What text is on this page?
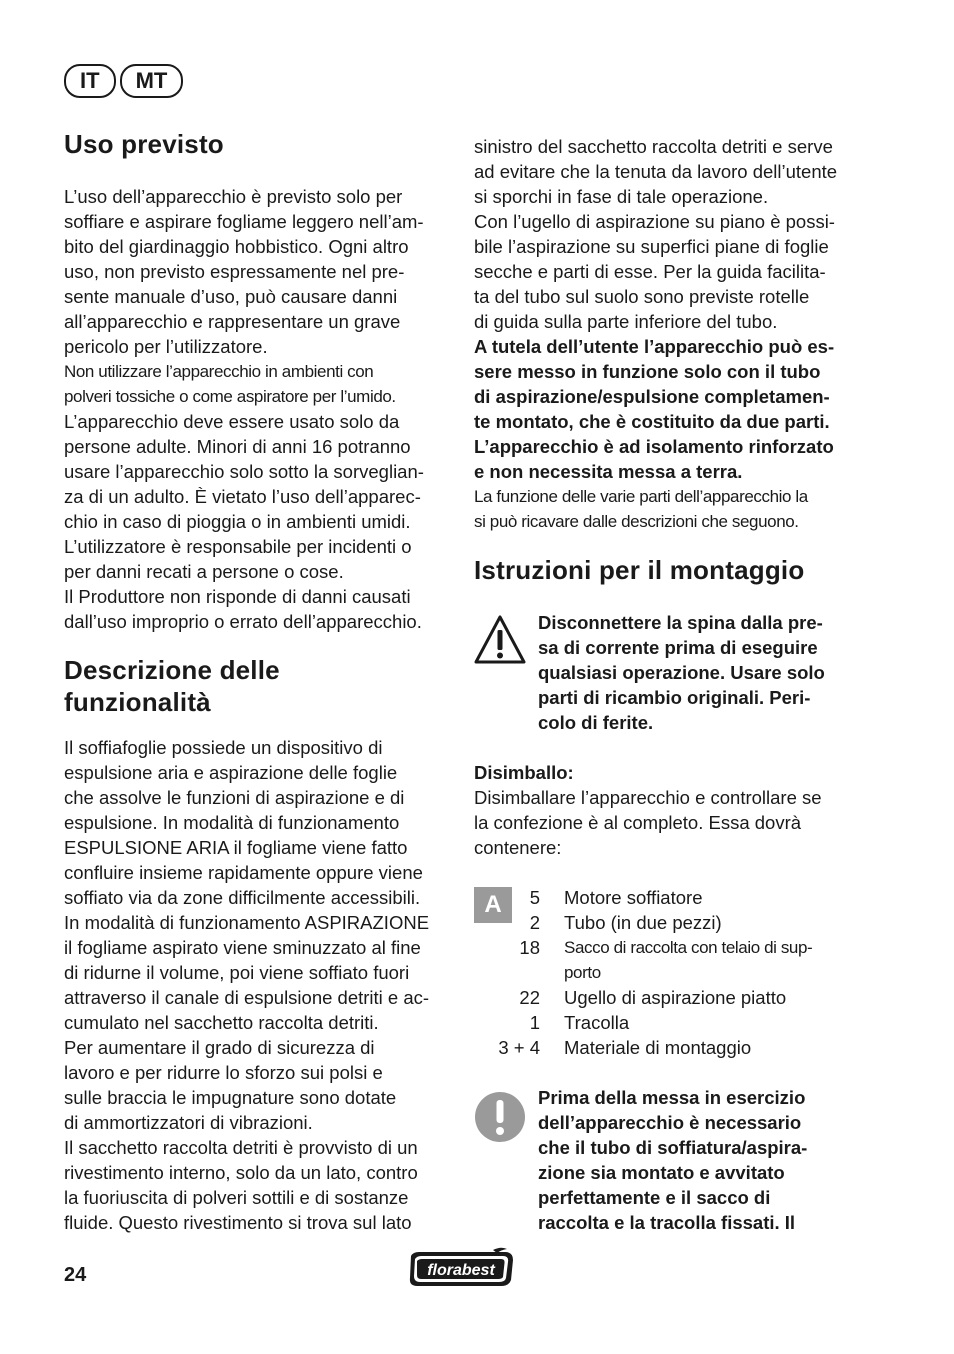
IT	MT
Uso previsto

L’uso dell’apparecchio è previsto solo per

soffiare e aspirare fogliame leggero nell’am-

bito del giardinaggio hobbistico. Ogni altro

uso, non previsto espressamente nel pre-

sente manuale d’uso, può causare danni

all’apparecchio e rappresentare un grave

pericolo per l’utilizzatore.

Non utilizzare l’apparecchio in ambienti con

polveri tossiche o come aspiratore per l’umido.

L’apparecchio deve essere usato solo da

persone adulte. Minori di anni 16 potranno

usare l’apparecchio solo sotto la sorveglian-

za di un adulto. È vietato l’uso dell’apparec-

chio in caso di pioggia o in ambienti umidi.

L’utilizzatore è responsabile per incidenti o

per danni recati a persone o cose.

Il Produttore non risponde di danni causati

dall’uso improprio o errato dell’apparecchio.

Descrizione delle
funzionalità

Il soffiafoglie possiede un dispositivo di

espulsione aria e aspirazione delle foglie

che assolve le funzioni di aspirazione e di

espulsione. In modalità di funzionamento

ESPULSIONE ARIA il fogliame viene fatto

confluire insieme rapidamente oppure viene

soffiato via da zone difficilmente accessibili.

In modalità di funzionamento ASPIRAZIONE

il fogliame aspirato viene sminuzzato al fine

di ridurne il volume, poi viene soffiato fuori

attraverso il canale di espulsione detriti e ac-

cumulato nel sacchetto raccolta detriti.

Per aumentare il grado di sicurezza di

lavoro e per ridurre lo sforzo sui polsi e

sulle braccia le impugnature sono dotate

di ammortizzatori di vibrazioni.

Il sacchetto raccolta detriti è provvisto di un

rivestimento interno, solo da un lato, contro

la fuoriuscita di polveri sottili e di sostanze

fluide. Questo rivestimento si trova sul lato

sinistro del sacchetto raccolta detriti e serve

ad evitare che la tenuta da lavoro dell’utente

si sporchi in fase di tale operazione.

Con l’ugello di aspirazione su piano è possi-

bile l’aspirazione su superfici piane di foglie

secche e parti di esse. Per la guida facilita-

ta del tubo sul suolo sono previste rotelle

di guida sulla parte inferiore del tubo.

A tutela dell’utente l’apparecchio può es-

sere messo in funzione solo con il tubo

di aspirazione/espulsione completamen-

te montato, che è costituito da due parti.

L’apparecchio è ad isolamento rinforzato

e non necessita messa a terra.

La funzione delle varie parti dell’apparecchio la

si può ricavare dalle descrizioni che seguono.

Istruzioni per il montaggio
Disconnettere la spina dalla pre-
sa di corrente prima di eseguire
qualsiasi operazione. Usare solo
parti di ricambio originali. Peri-
colo di ferite.

Disimballo:

Disimballare l’apparecchio e controllare se

la confezione è al completo. Essa dovrà

contenere:

A	5 Motore soffiatore
2 Tubo (in due pezzi)
18 Sacco di raccolta con telaio di sup-
porto
22 Ugello di aspirazione piatto
1 Tracolla
3 + 4 Materiale di montaggio
Prima della messa in esercizio
dell’apparecchio è necessario
che il tubo di soffiatura/aspira-
zione sia montato e avvitato
perfettamente e il sacco di
raccolta e la tracolla fissati. Il
24	florabest
